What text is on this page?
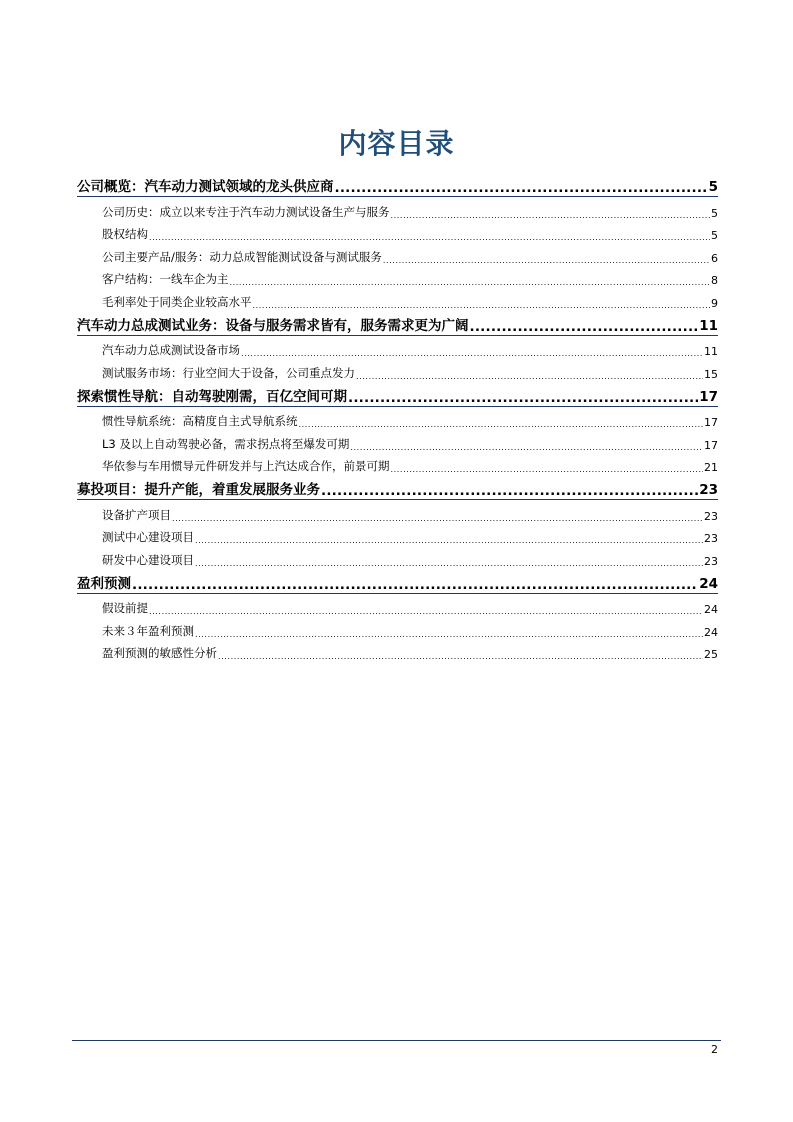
内容目录
公司概览：汽车动力测试领域的龙头供应商 .....	5
公司历史：成立以来专注于汽车动力测试设备生产与服务 .....	5
股权结构 .....	5
公司主要产品/服务：动力总成智能测试设备与测试服务 .....	6
客户结构：一线车企为主 .....	8
毛利率处于同类企业较高水平 .....	9
汽车动力总成测试业务：设备与服务需求皆有，服务需求更为广阔 .....	11
汽车动力总成测试设备市场 .....	11
测试服务市场：行业空间大于设备，公司重点发力 .....	15
探索惯性导航：自动驾驶刚需，百亿空间可期 .....	17
惯性导航系统：高精度自主式导航系统 .....	17
L3 及以上自动驾驶必备，需求拐点将至爆发可期 .....	17
华依参与车用惯导元件研发并与上汽达成合作，前景可期 .....	21
募投项目：提升产能，着重发展服务业务 .....	23
设备扩产项目 .....	23
测试中心建设项目 .....	23
研发中心建设项目 .....	23
盈利预测 .....	24
假设前提 .....	24
未来３年盈利预测 .....	24
盈利预测的敏感性分析 .....	25
2
